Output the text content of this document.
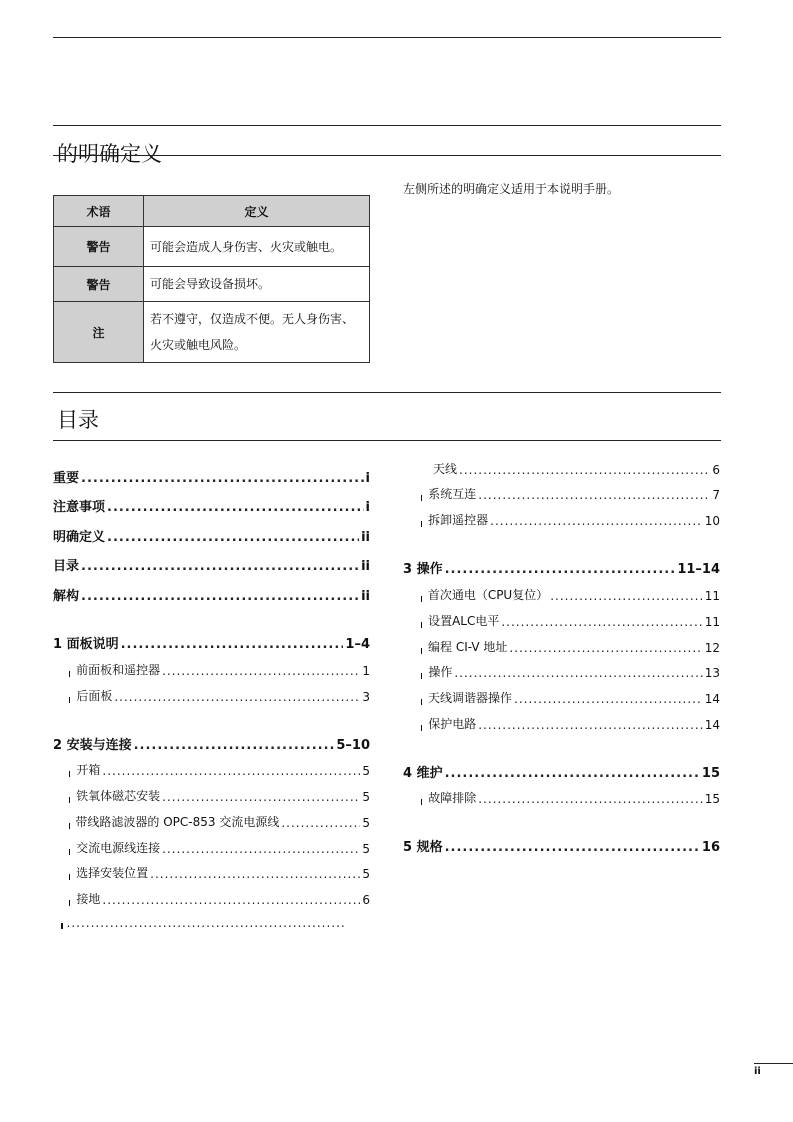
的明确定义
术语	定义
警告	可能会造成人身伤害、火灾或触电。
警告	可能会导致设备损坏。
注	若不遵守，仅造成不便。无人身伤害、火灾或触电风险。
左侧所述的明确定义适用于本说明手册。
目录
重要 .....	i
注意事项 .....	i
明确定义 .....	ii
目录 .....	ii
解构 .....	ii
1 面板说明 .....	1–4
前面板和遥控器 .....	1
后面板 .....	3
2 安装与连接 .....	5–10
开箱 .....	5
铁氧体磁芯安装 .....	5
带线路滤波器的 OPC-853 交流电源线 .....	5
交流电源线连接 .....	5
选择安装位置 .....	5
接地 .....	6
.....
天线 .....	6
系统互连 .....	7
拆卸遥控器 .....	10
3 操作 .....	11–14
首次通电（CPU复位） .....	11
设置ALC电平 .....	11
编程 CI-V 地址 .....	12
操作 .....	13
天线调谐器操作 .....	14
保护电路 .....	14
4 维护 .....	15
故障排除 .....	15
5 规格 .....	16
ii
